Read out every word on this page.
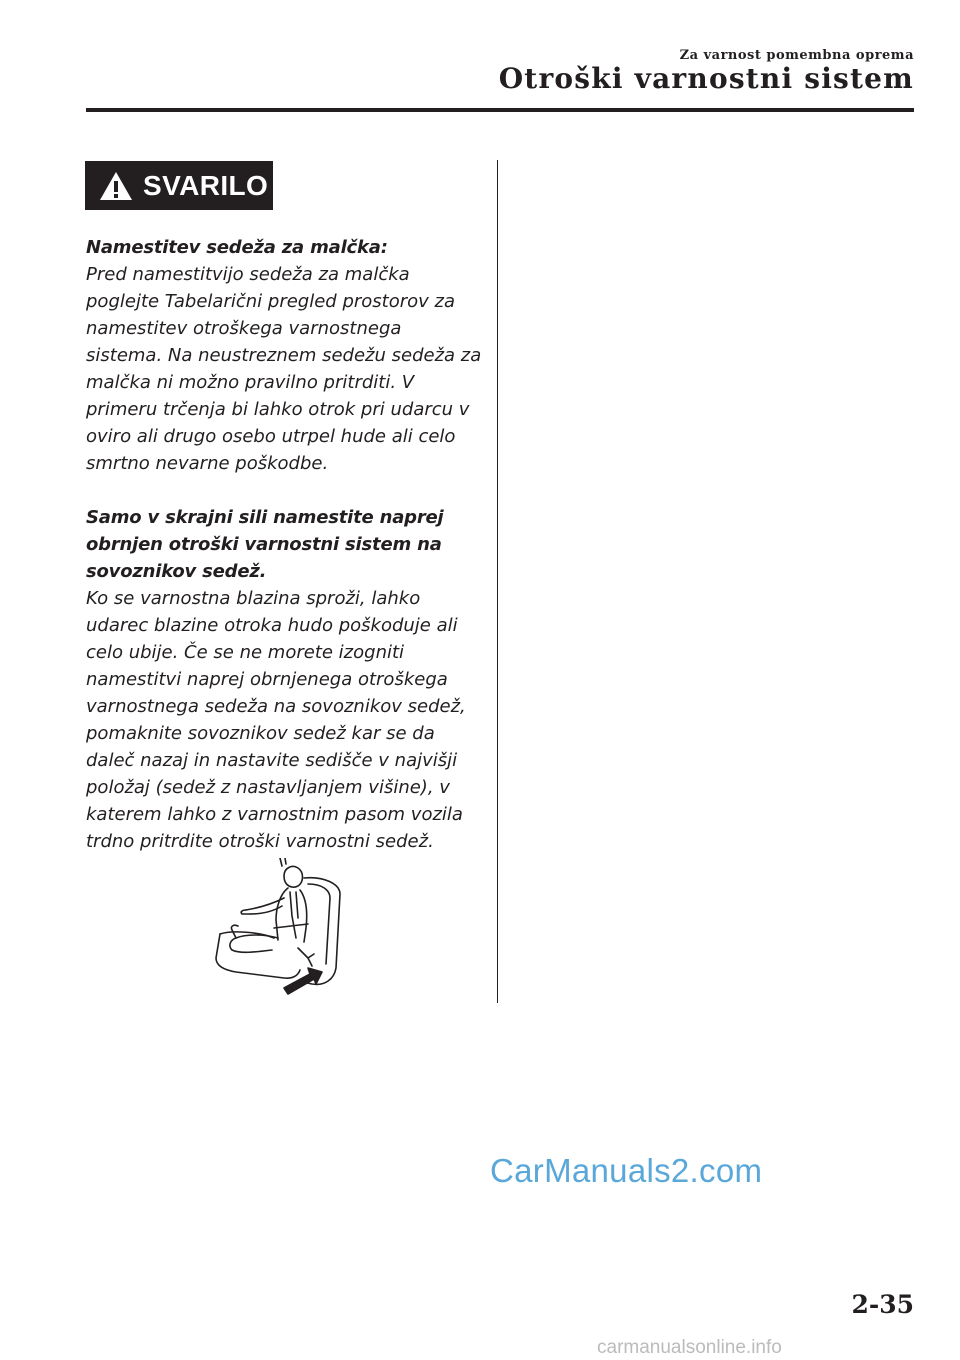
Za varnost pomembna oprema
Otroški varnostni sistem
SVARILO

Namestitev sedeža za malčka:

Pred namestitvijo sedeža za malčka

poglejte Tabelarični pregled prostorov za

namestitev otroškega varnostnega

sistema. Na neustreznem sedežu sedeža za

malčka ni možno pravilno pritrditi. V

primeru trčenja bi lahko otrok pri udarcu v

oviro ali drugo osebo utrpel hude ali celo

smrtno nevarne poškodbe.

Samo v skrajni sili namestite naprej

obrnjen otroški varnostni sistem na

sovoznikov sedež.

Ko se varnostna blazina sproži, lahko

udarec blazine otroka hudo poškoduje ali

celo ubije. Če se ne morete izogniti

namestitvi naprej obrnjenega otroškega

varnostnega sedeža na sovoznikov sedež,

pomaknite sovoznikov sedež kar se da

daleč nazaj in nastavite sedišče v najvišji

položaj (sedež z nastavljanjem višine), v

katerem lahko z varnostnim pasom vozila

trdno pritrdite otroški varnostni sedež.

CarManuals2.com
2-35
carmanualsonline.info
